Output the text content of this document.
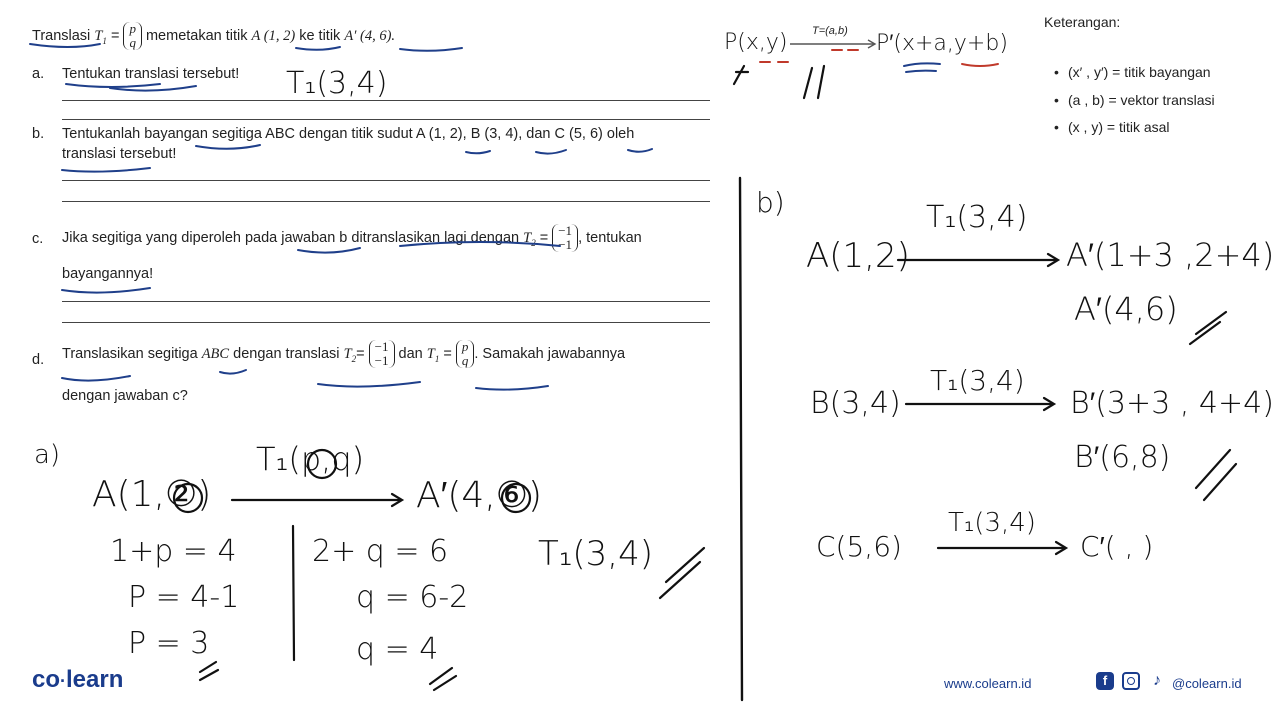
Translasi $T_1 = p$
q memetakan titik A (1, 2) ke titik A′ (4, 6).
a. Tentukan translasi tersebut!
b. Tentukanlah bayangan segitiga ABC dengan titik sudut A (1, 2), B (3, 4), dan C (5, 6) oleh
translasi tersebut!
c. Jika segitiga yang diperoleh pada jawaban b ditranslasikan lagi dengan $T_2 = -1$
−1 , tentukan
bayangannya!
d. Translasikan segitiga ABC dengan translasi $T_2= -1$
−1 dan $T_1 = p$
q . Samakah jawabannya
dengan jawaban c?
P(x,y) T=(a,b) P′(x+a,y+b)
Keterangan:
• (x′ , y′) = titik bayangan
• (a , b) = vektor translasi
• (x , y) = titik asal
T₁(3,4)
a)	T₁(p,q)
A(1,②)	A′(4,⑥)
1+p = 4
P = 4-1
P = 3
2+ q = 6
q = 6-2
q = 4
T₁(3,4)
b)	T₁(3,4)
A(1,2)	A′(1+3 ,2+4)
A′(4,6)
T₁(3,4)
B(3,4)	B′(3+3 , 4+4)
B′(6,8)
T₁(3,4)
C(5,6)	C′( , )
co·learn	www.colearn.id	f	♪ @colearn.id
